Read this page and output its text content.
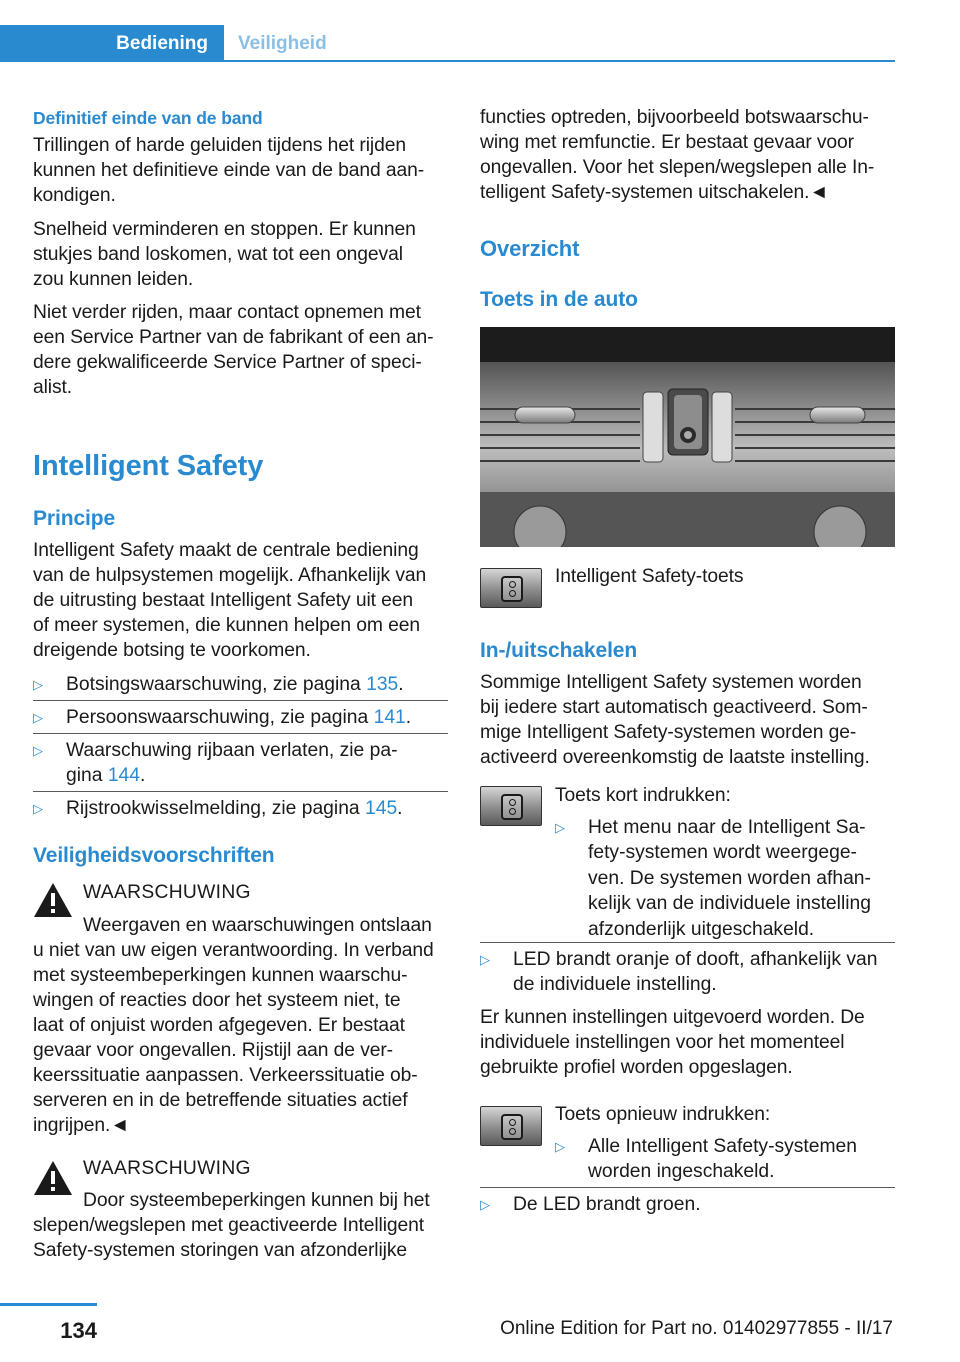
Bediening	Veiligheid
Definitief einde van de band
Trillingen of harde geluiden tijdens het rijden
kunnen het definitieve einde van de band aan-
kondigen.
Snelheid verminderen en stoppen. Er kunnen
stukjes band loskomen, wat tot een ongeval
zou kunnen leiden.
Niet verder rijden, maar contact opnemen met
een Service Partner van de fabrikant of een an-
dere gekwalificeerde Service Partner of speci-
alist.
Intelligent Safety
Principe
Intelligent Safety maakt de centrale bediening
van de hulpsystemen mogelijk. Afhankelijk van
de uitrusting bestaat Intelligent Safety uit een
of meer systemen, die kunnen helpen om een
dreigende botsing te voorkomen.
▷ Botsingswaarschuwing, zie pagina 135.
▷ Persoonswaarschuwing, zie pagina 141.
▷ Waarschuwing rijbaan verlaten, zie pa-
gina 144.
▷ Rijstrookwisselmelding, zie pagina 145.
Veiligheidsvoorschriften
WAARSCHUWING
Weergaven en waarschuwingen ontslaan
u niet van uw eigen verantwoording. In verband
met systeembeperkingen kunnen waarschu-
wingen of reacties door het systeem niet, te
laat of onjuist worden afgegeven. Er bestaat
gevaar voor ongevallen. Rijstijl aan de ver-
keerssituatie aanpassen. Verkeerssituatie ob-
serveren en in de betreffende situaties actief
ingrijpen.◄
WAARSCHUWING
Door systeembeperkingen kunnen bij het
slepen/wegslepen met geactiveerde Intelligent
Safety-systemen storingen van afzonderlijke
functies optreden, bijvoorbeeld botswaarschu-
wing met remfunctie. Er bestaat gevaar voor
ongevallen. Voor het slepen/wegslepen alle In-
telligent Safety-systemen uitschakelen.◄
Overzicht
Toets in de auto
Intelligent Safety-toets
In-/uitschakelen
Sommige Intelligent Safety systemen worden
bij iedere start automatisch geactiveerd. Som-
mige Intelligent Safety-systemen worden ge-
activeerd overeenkomstig de laatste instelling.
Toets kort indrukken:
▷ Het menu naar de Intelligent Sa-
fety-systemen wordt weergege-
ven. De systemen worden afhan-
kelijk van de individuele instelling
afzonderlijk uitgeschakeld.
▷ LED brandt oranje of dooft, afhankelijk van
de individuele instelling.
Er kunnen instellingen uitgevoerd worden. De
individuele instellingen voor het momenteel
gebruikte profiel worden opgeslagen.
Toets opnieuw indrukken:
▷ Alle Intelligent Safety-systemen
worden ingeschakeld.
▷ De LED brandt groen.
134	Online Edition for Part no. 01402977855 - II/17
